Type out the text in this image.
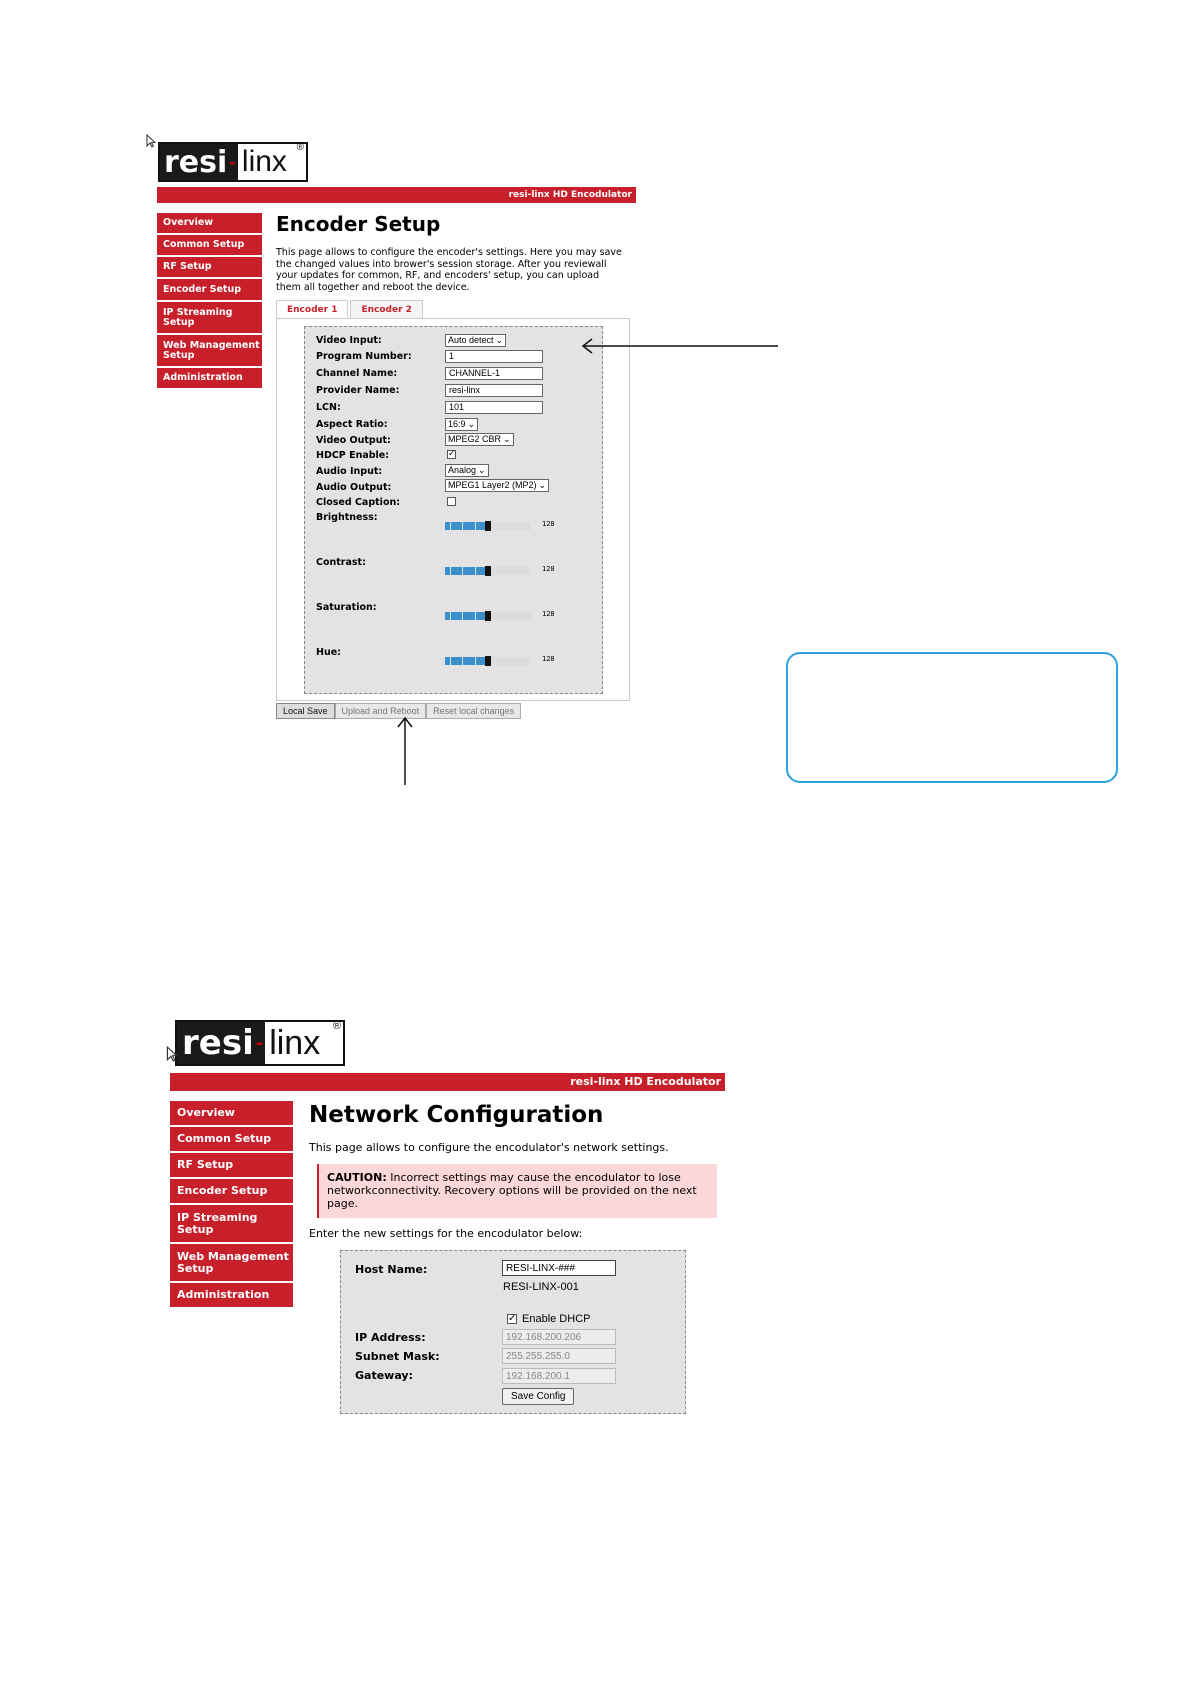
resi - linx ®
resi-linx HD Encodulator
Overview
Common Setup
RF Setup
Encoder Setup
IP Streaming Setup
Web Management Setup
Administration
Encoder Setup
This page allows to configure the encoder's settings. Here you may save the changed values into brower's session storage. After you reviewall your updates for common, RF, and encoders' setup, you can upload them all together and reboot the device.
Encoder 1	Encoder 2
Video Input:	Auto detect ⌄
Program Number:	1
Channel Name:	CHANNEL-1
Provider Name:	resi-linx
LCN:	101
Aspect Ratio:	16:9 ⌄
Video Output:	MPEG2 CBR ⌄
HDCP Enable:	✓
Audio Input:	Analog ⌄
Audio Output:	MPEG1 Layer2 (MP2) ⌄
Closed Caption:
Brightness:
128
Contrast:
128
Saturation:
128
Hue:
128
Local Save	Upload and Reboot	Reset local changes
resi - linx	®
resi-linx HD Encodulator
Overview
Common Setup
RF Setup
Encoder Setup
IP Streaming Setup
Web Management Setup
Administration
Network Configuration
This page allows to configure the encodulator's network settings.
CAUTION: Incorrect settings may cause the encodulator to lose networkconnectivity. Recovery options will be provided on the next page.
Enter the new settings for the encodulator below:
Host Name:	RESI-LINX-###
RESI-LINX-001
✓ Enable DHCP
IP Address:	192.168.200.206
Subnet Mask:	255.255.255.0
Gateway:	192.168.200.1
Save Config
